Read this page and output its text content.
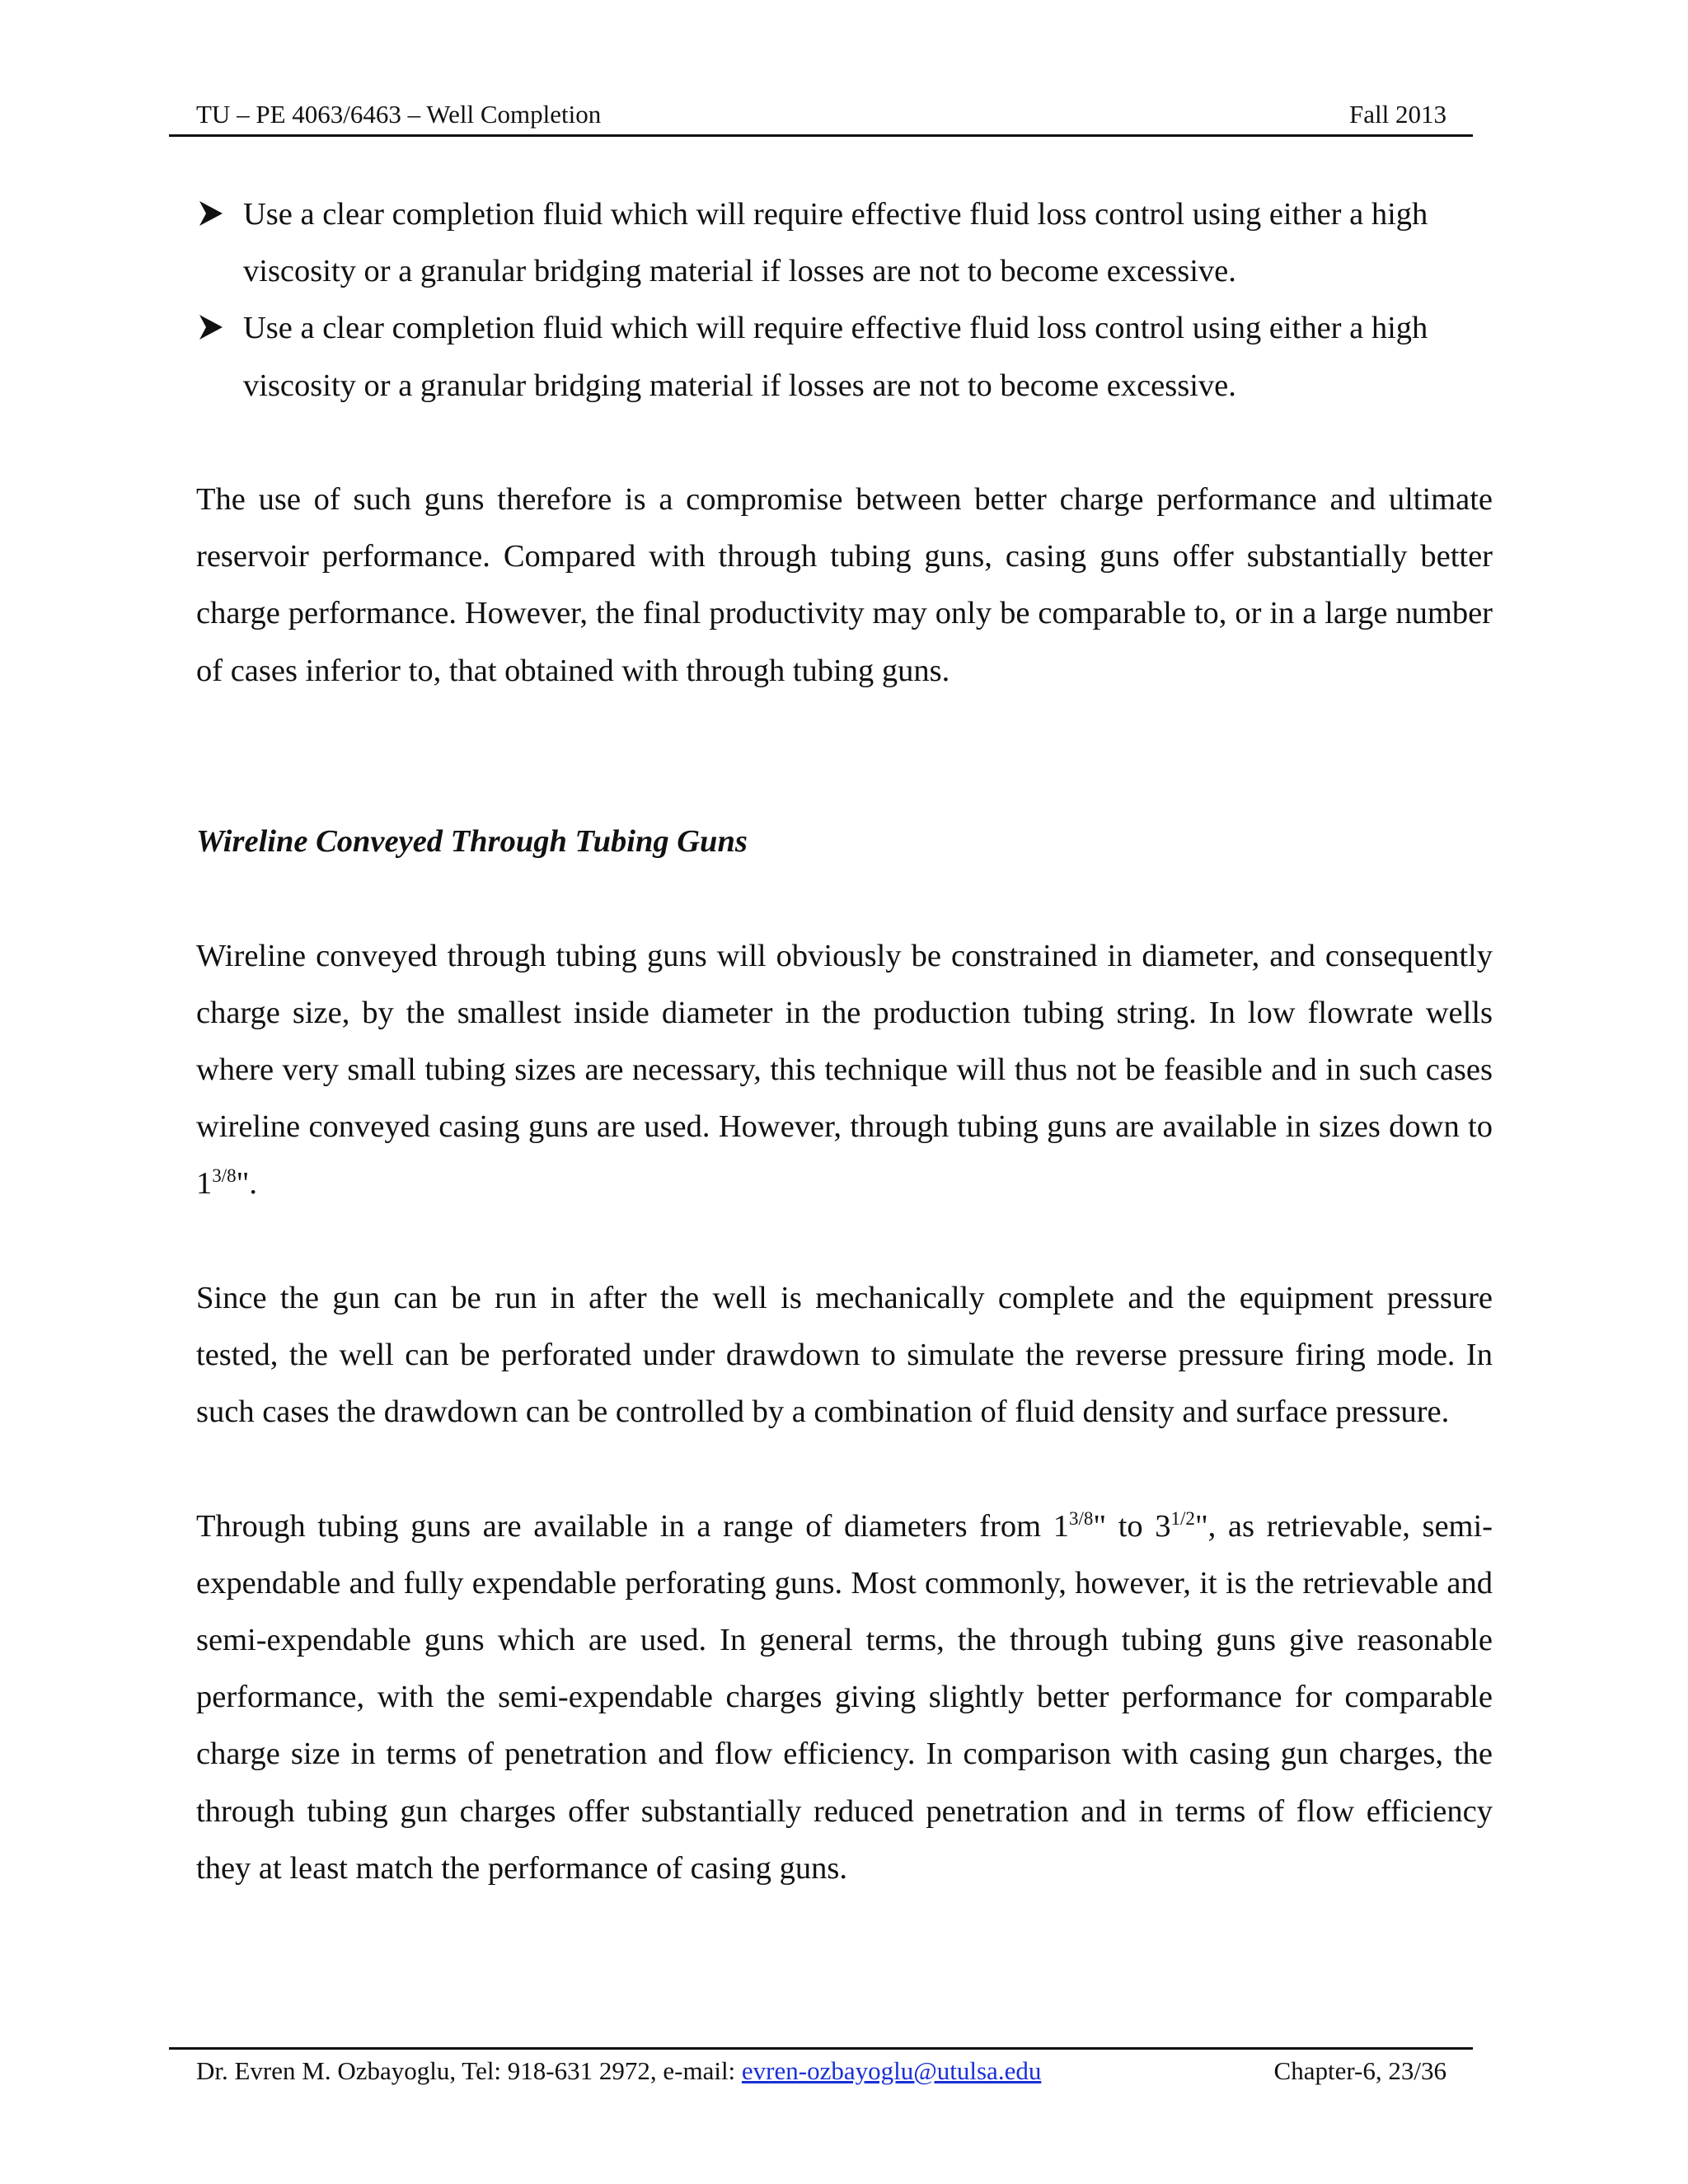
TU – PE 4063/6463 – Well Completion	Fall 2013
Use a clear completion fluid which will require effective fluid loss control using either a high viscosity or a granular bridging material if losses are not to become excessive.
Use a clear completion fluid which will require effective fluid loss control using either a high viscosity or a granular bridging material if losses are not to become excessive.

The use of such guns therefore is a compromise between better charge performance and ultimate reservoir performance. Compared with through tubing guns, casing guns offer substantially better charge performance. However, the final productivity may only be comparable to, or in a large number of cases inferior to, that obtained with through tubing guns.

Wireline Conveyed Through Tubing Guns

Wireline conveyed through tubing guns will obviously be constrained in diameter, and consequently charge size, by the smallest inside diameter in the production tubing string. In low flowrate wells where very small tubing sizes are necessary, this technique will thus not be feasible and in such cases wireline conveyed casing guns are used. However, through tubing guns are available in sizes down to $1^{3/8}$".

Since the gun can be run in after the well is mechanically complete and the equipment pressure tested, the well can be perforated under drawdown to simulate the reverse pressure firing mode. In such cases the drawdown can be controlled by a combination of fluid density and surface pressure.

Through tubing guns are available in a range of diameters from $1^{3/8}$" to $3^{1/2}$", as retrievable, semi-expendable and fully expendable perforating guns. Most commonly, however, it is the retrievable and semi-expendable guns which are used. In general terms, the through tubing guns give reasonable performance, with the semi-expendable charges giving slightly better performance for comparable charge size in terms of penetration and flow efficiency. In comparison with casing gun charges, the through tubing gun charges offer substantially reduced penetration and in terms of flow efficiency they at least match the performance of casing guns.

Dr. Evren M. Ozbayoglu, Tel: 918-631 2972, e-mail: evren-ozbayoglu@utulsa.edu	Chapter-6, 23/36
